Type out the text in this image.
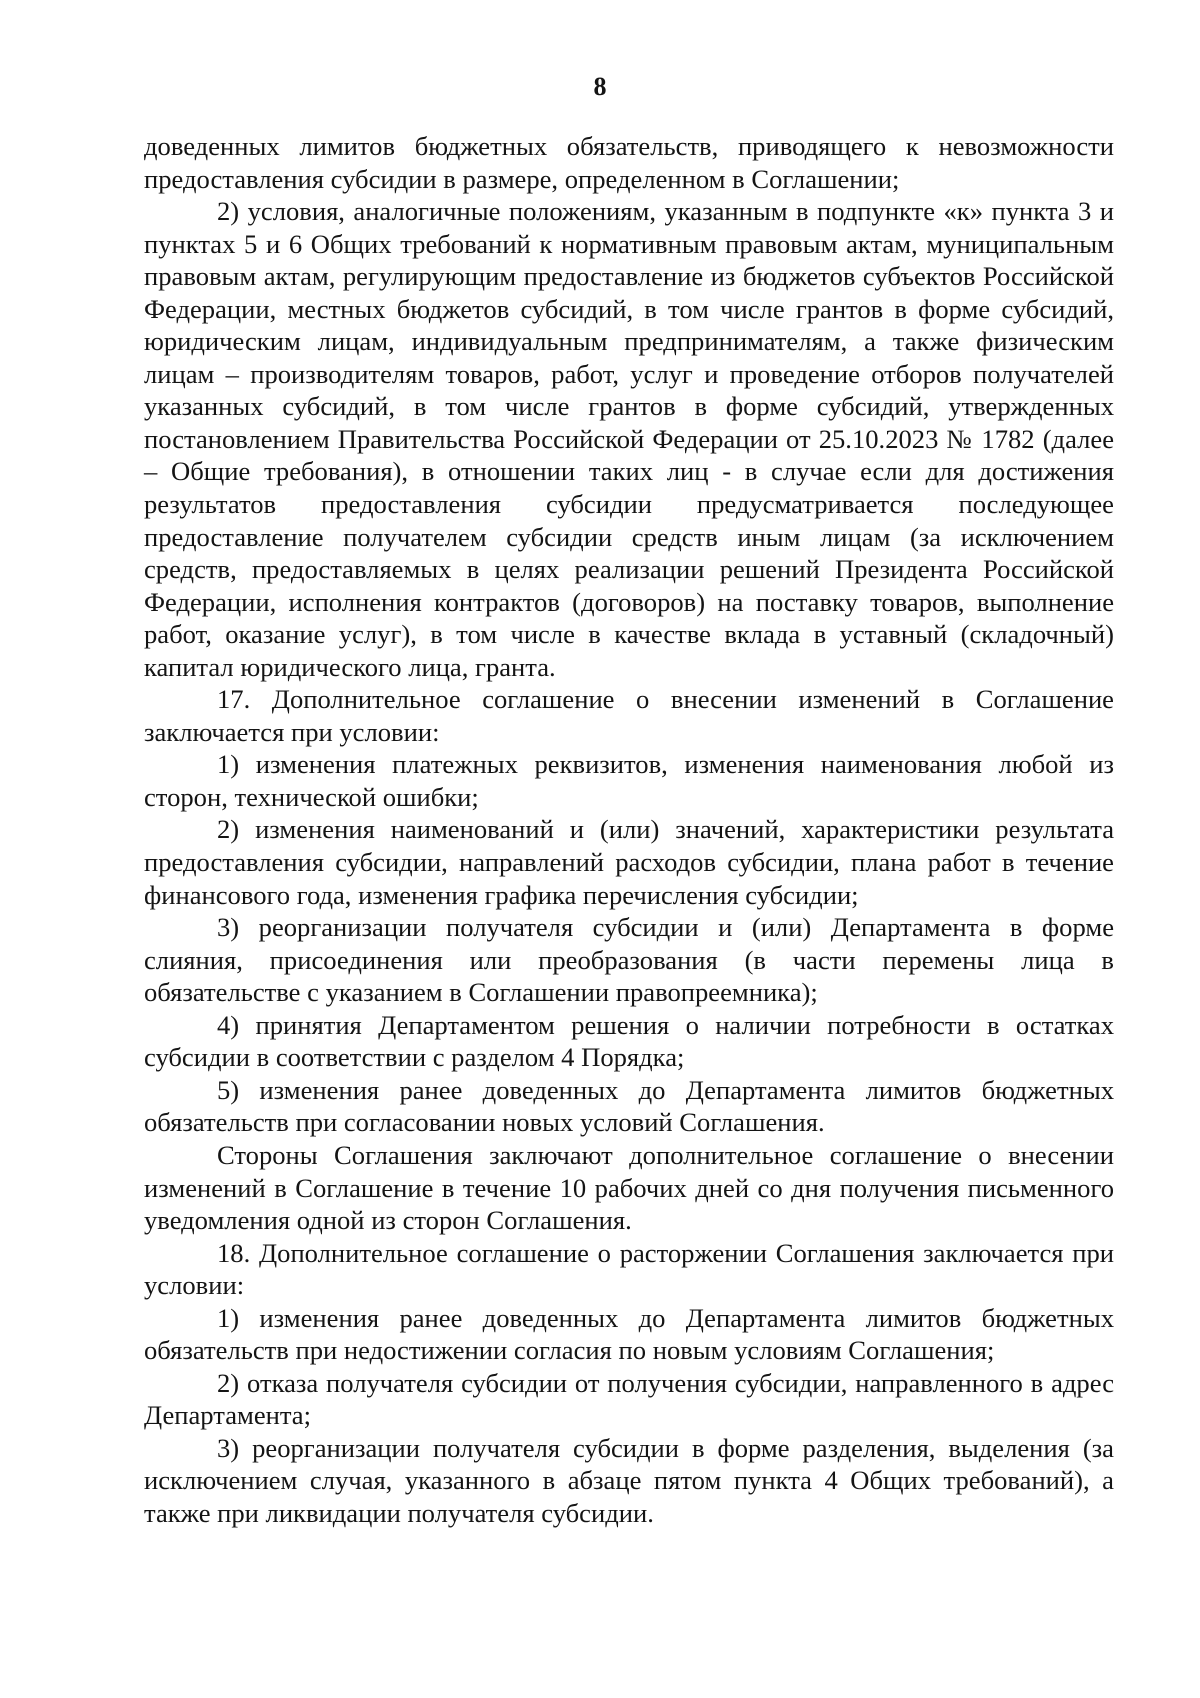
8

доведенных лимитов бюджетных обязательств, приводящего к невозможности предоставления субсидии в размере, определенном в Соглашении;

2) условия, аналогичные положениям, указанным в подпункте «к» пункта 3 и пунктах 5 и 6 Общих требований к нормативным правовым актам, муниципальным правовым актам, регулирующим предоставление из бюджетов субъектов Российской Федерации, местных бюджетов субсидий, в том числе грантов в форме субсидий, юридическим лицам, индивидуальным предпринимателям, а также физическим лицам – производителям товаров, работ, услуг и проведение отборов получателей указанных субсидий, в том числе грантов в форме субсидий, утвержденных постановлением Правительства Российской Федерации от 25.10.2023 № 1782 (далее – Общие требования), в отношении таких лиц - в случае если для достижения результатов предоставления субсидии предусматривается последующее предоставление получателем субсидии средств иным лицам (за исключением средств, предоставляемых в целях реализации решений Президента Российской Федерации, исполнения контрактов (договоров) на поставку товаров, выполнение работ, оказание услуг), в том числе в качестве вклада в уставный (складочный) капитал юридического лица, гранта.

17. Дополнительное соглашение о внесении изменений в Соглашение заключается при условии:

1) изменения платежных реквизитов, изменения наименования любой из сторон, технической ошибки;

2) изменения наименований и (или) значений, характеристики результата предоставления субсидии, направлений расходов субсидии, плана работ в течение финансового года, изменения графика перечисления субсидии;

3) реорганизации получателя субсидии и (или) Департамента в форме слияния, присоединения или преобразования (в части перемены лица в обязательстве с указанием в Соглашении правопреемника);

4) принятия Департаментом решения о наличии потребности в остатках субсидии в соответствии с разделом 4 Порядка;

5) изменения ранее доведенных до Департамента лимитов бюджетных обязательств при согласовании новых условий Соглашения.

Стороны Соглашения заключают дополнительное соглашение о внесении изменений в Соглашение в течение 10 рабочих дней со дня получения письменного уведомления одной из сторон Соглашения.

18. Дополнительное соглашение о расторжении Соглашения заключается при условии:

1) изменения ранее доведенных до Департамента лимитов бюджетных обязательств при недостижении согласия по новым условиям Соглашения;

2) отказа получателя субсидии от получения субсидии, направленного в адрес Департамента;

3) реорганизации получателя субсидии в форме разделения, выделения (за исключением случая, указанного в абзаце пятом пункта 4 Общих требований), а также при ликвидации получателя субсидии.
